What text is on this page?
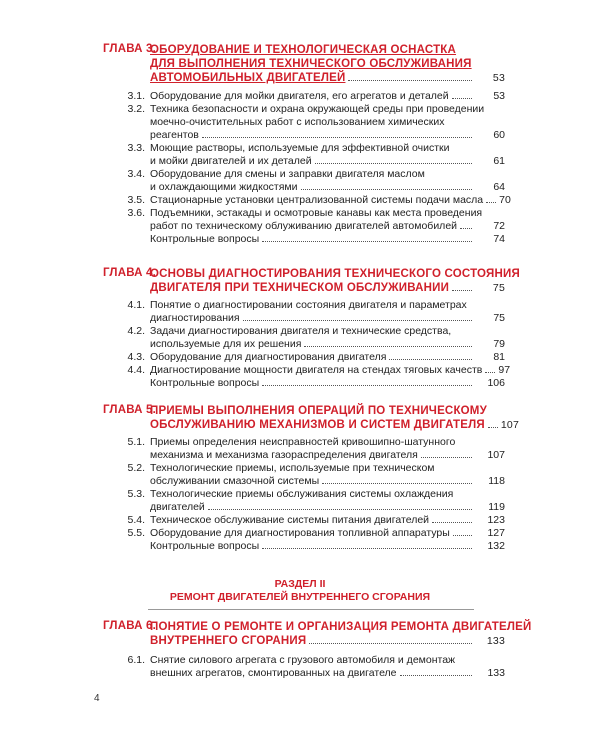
ГЛАВА 3.
ОБОРУДОВАНИЕ И ТЕХНОЛОГИЧЕСКАЯ ОСНАСТКА
ДЛЯ ВЫПОЛНЕНИЯ ТЕХНИЧЕСКОГО ОБСЛУЖИВАНИЯ
АВТОМОБИЛЬНЫХ ДВИГАТЕЛЕЙ	53
3.1. Оборудование для мойки двигателя, его агрегатов и деталей	53
3.2. Техника безопасности и охрана окружающей среды при проведении
моечно-очистительных работ с использованием химических
реагентов	60
3.3. Моющие растворы, используемые для эффективной очистки
и мойки двигателей и их деталей	61
3.4. Оборудование для смены и заправки двигателя маслом
и охлаждающими жидкостями	64
3.5. Стационарные установки централизованной системы подачи масла 70
3.6. Подъемники, эстакады и осмотровые канавы как места проведения
работ по техническому облуживанию двигателей автомобилей	72
Контрольные вопросы	74
ГЛАВА 4.
ОСНОВЫ ДИАГНОСТИРОВАНИЯ ТЕХНИЧЕСКОГО СОСТОЯНИЯ
ДВИГАТЕЛЯ ПРИ ТЕХНИЧЕСКОМ ОБСЛУЖИВАНИИ	75
4.1. Понятие о диагностировании состояния двигателя и параметрах
диагностирования	75
4.2. Задачи диагностирования двигателя и технические средства,
используемые для их решения	79
4.3. Оборудование для диагностирования двигателя	81
4.4. Диагностирование мощности двигателя на стендах тяговых качеств 97
Контрольные вопросы	106
ГЛАВА 5.
ПРИЕМЫ ВЫПОЛНЕНИЯ ОПЕРАЦИЙ ПО ТЕХНИЧЕСКОМУ
ОБСЛУЖИВАНИЮ МЕХАНИЗМОВ И СИСТЕМ ДВИГАТЕЛЯ 107
5.1. Приемы определения неисправностей кривошипно-шатунного
механизма и механизма газораспределения двигателя	107
5.2. Технологические приемы, используемые при техническом
обслуживании смазочной системы	118
5.3. Технологические приемы обслуживания системы охлаждения
двигателей	119
5.4. Техническое обслуживание системы питания двигателей	123
5.5. Оборудование для диагностирования топливной аппаратуры	127
Контрольные вопросы	132
ГЛАВА 6.
ПОНЯТИЕ О РЕМОНТЕ И ОРГАНИЗАЦИЯ РЕМОНТА ДВИГАТЕЛЕЙ
ВНУТРЕННЕГО СГОРАНИЯ	133
6.1. Снятие силового агрегата с грузового автомобиля и демонтаж
внешних агрегатов, смонтированных на двигателе	133
РАЗДЕЛ II
РЕМОНТ ДВИГАТЕЛЕЙ ВНУТРЕННЕГО СГОРАНИЯ
4
